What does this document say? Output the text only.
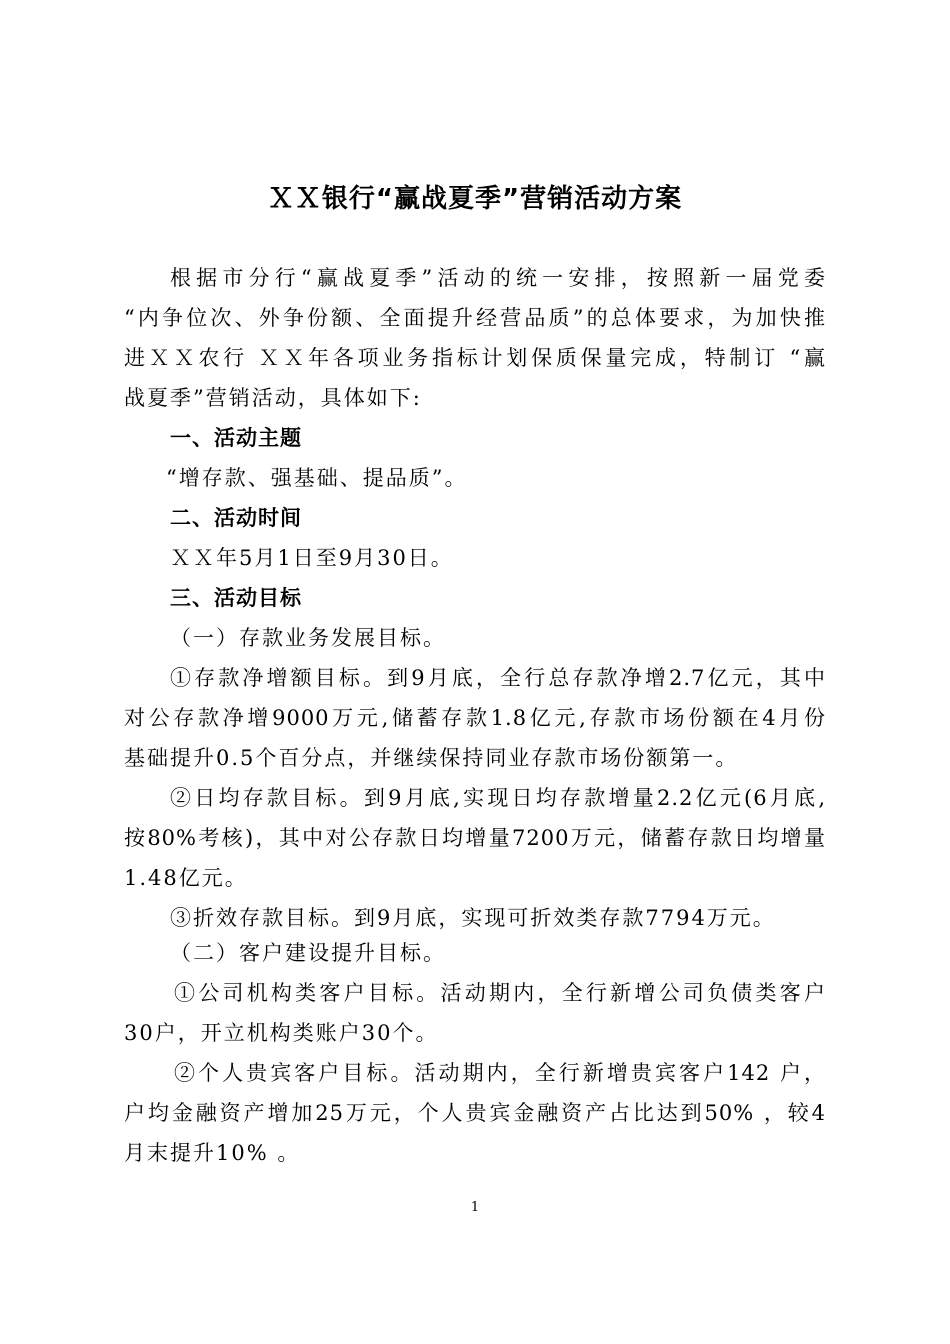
ＸＸ银行“赢战夏季”营销活动方案
根据市分行“赢战夏季”活动的统一安排，按照新一届党委
“内争位次、外争份额、全面提升经营品质”的总体要求，为加快推
进ＸＸ农行 ＸＸ年各项业务指标计划保质保量完成，特制订 “赢
战夏季”营销活动，具体如下:
一、活动主题
“增存款、强基础、提品质”。
二、活动时间
ＸＸ年5月1日至9月30日。
三、活动目标
（一）存款业务发展目标。
①存款净增额目标。到9月底，全行总存款净增2.7亿元，其中
对公存款净增9000万元,储蓄存款1.8亿元,存款市场份额在4月份
基础提升0.5个百分点，并继续保持同业存款市场份额第一。
②日均存款目标。到9月底,实现日均存款增量2.2亿元(6月底,
按80%考核)，其中对公存款日均增量7200万元，储蓄存款日均增量
1.48亿元。
③折效存款目标。到9月底，实现可折效类存款7794万元。
（二）客户建设提升目标。
①公司机构类客户目标。活动期内，全行新增公司负债类客户
30户，开立机构类账户30个。
②个人贵宾客户目标。活动期内，全行新增贵宾客户142 户，
户均金融资产增加25万元，个人贵宾金融资产占比达到50% ，较4
月末提升10% 。
1
